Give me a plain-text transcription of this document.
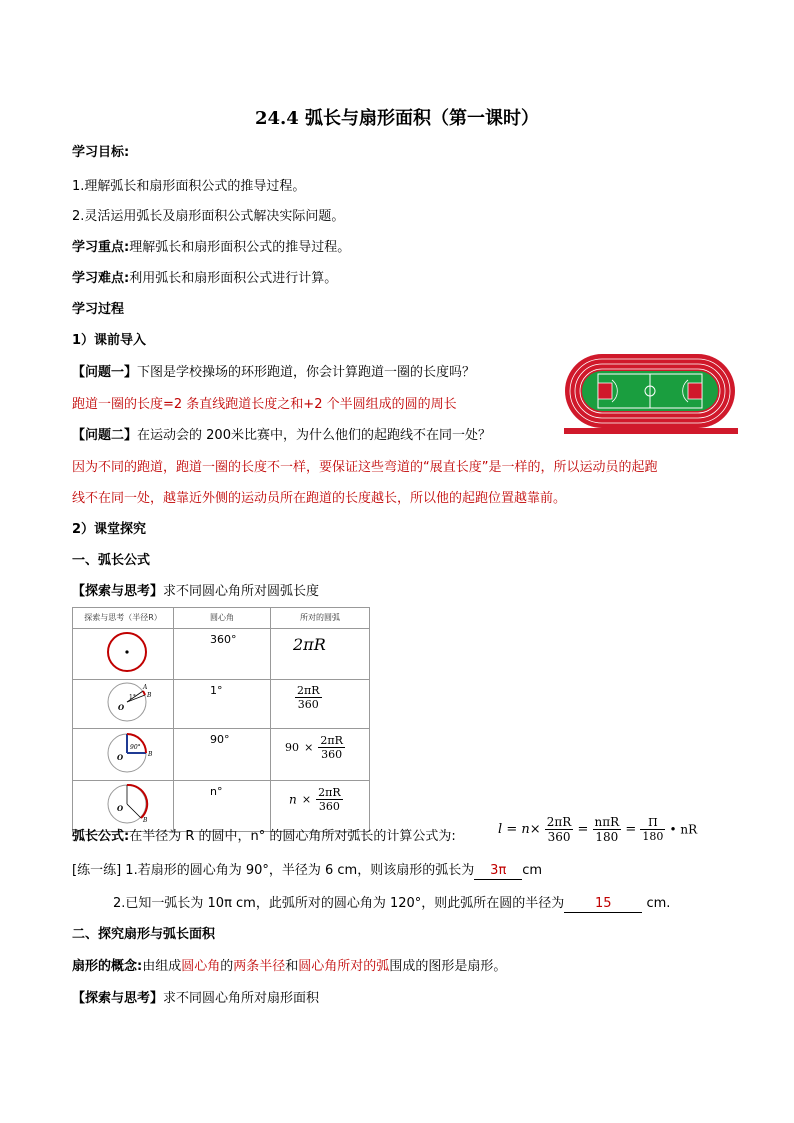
24.4 弧长与扇形面积（第一课时）
学习目标:
1.理解弧长和扇形面积公式的推导过程。
2.灵活运用弧长及扇形面积公式解决实际问题。
学习重点:理解弧长和扇形面积公式的推导过程。
学习难点:利用弧长和扇形面积公式进行计算。
学习过程
1）课前导入
【问题一】下图是学校操场的环形跑道，你会计算跑道一圈的长度吗？
跑道一圈的长度=2 条直线跑道长度之和+2 个半圆组成的圆的周长
【问题二】在运动会的 200米比赛中，为什么他们的起跑线不在同一处？
因为不同的跑道，跑道一圈的长度不一样，要保证这些弯道的“展直长度”是一样的，所以运动员的起跑
线不在同一处，越靠近外侧的运动员所在跑道的长度越长，所以他的起跑位置越靠前。
2）课堂探究
一、弧长公式
【探索与思考】求不同圆心角所对圆弧长度
探索与思考（半径R）	圆心角	所对的圆弧
	360°	2πR

O
1°
A
B	1°	$\frac{2\pi R}{360}$

O
90°
B	90°	$90 \times \frac{2\pi R}{360}$

O
B	n°	$n \times \frac{2\pi R}{360}$
弧长公式:在半径为 R 的圆中，n° 的圆心角所对弧长的计算公式为:	$l = n\times \frac{2\pi R}{360} = \frac{\text{nπR}}{180} = \frac{\Pi}{180}$ • nR
[练一练] 1.若扇形的圆心角为 90°，半径为 6 cm，则该扇形的弧长为 3π cm
2.已知一弧长为 10π cm，此弧所对的圆心角为 120°，则此弧所在圆的半径为 15	cm.
二、探究扇形与弧长面积
扇形的概念:由组成圆心角的两条半径和圆心角所对的弧围成的图形是扇形。
【探索与思考】求不同圆心角所对扇形面积
